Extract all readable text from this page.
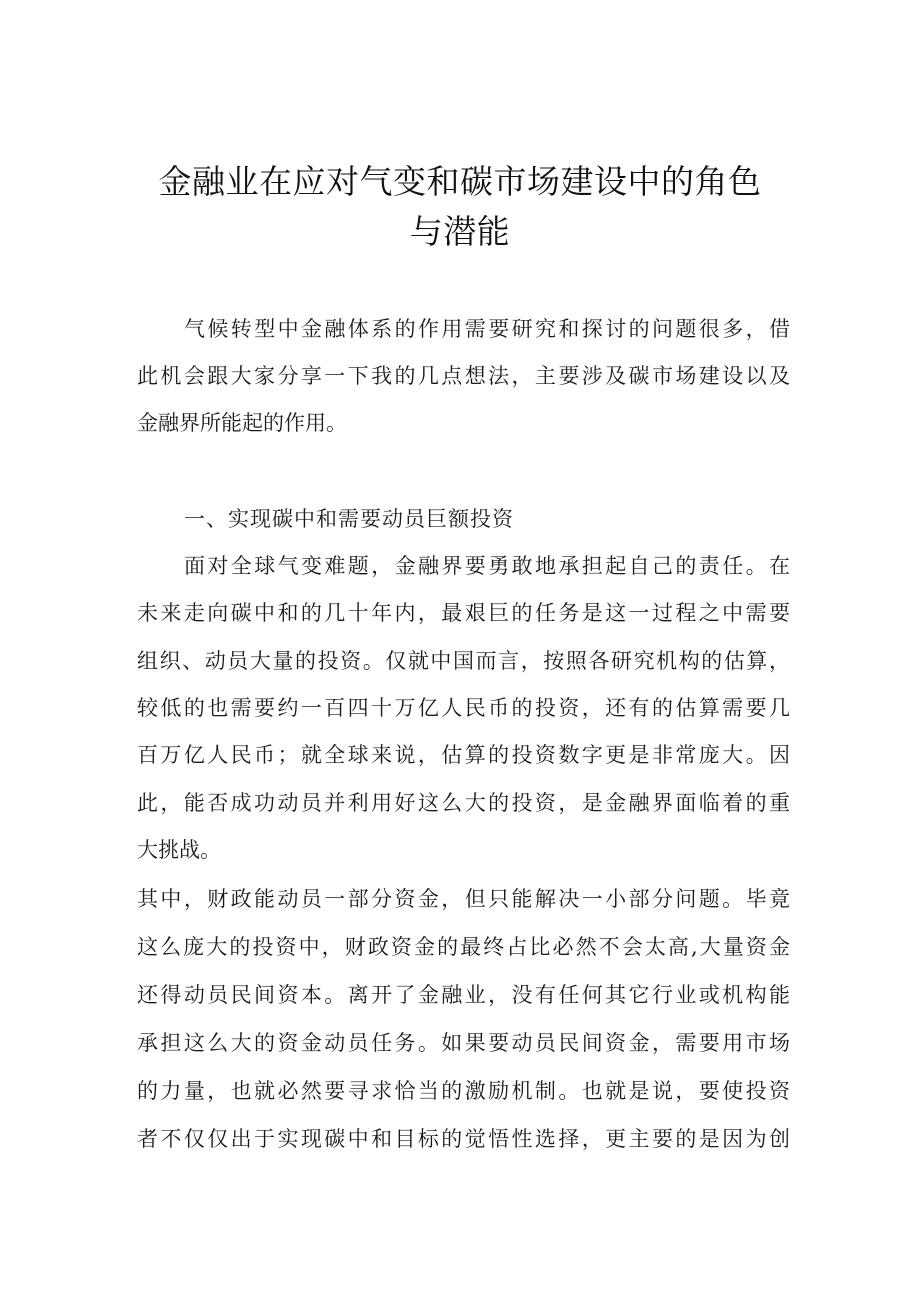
金融业在应对气变和碳市场建设中的角色
与潜能
气候转型中金融体系的作用需要研究和探讨的问题很多，借
此机会跟大家分享一下我的几点想法，主要涉及碳市场建设以及
金融界所能起的作用。
一、实现碳中和需要动员巨额投资
面对全球气变难题，金融界要勇敢地承担起自己的责任。在
未来走向碳中和的几十年内，最艰巨的任务是这一过程之中需要
组织、动员大量的投资。仅就中国而言，按照各研究机构的估算，
较低的也需要约一百四十万亿人民币的投资，还有的估算需要几
百万亿人民币；就全球来说，估算的投资数字更是非常庞大。因
此，能否成功动员并利用好这么大的投资，是金融界面临着的重
大挑战。
其中，财政能动员一部分资金，但只能解决一小部分问题。毕竟
这么庞大的投资中，财政资金的最终占比必然不会太高,大量资金
还得动员民间资本。离开了金融业，没有任何其它行业或机构能
承担这么大的资金动员任务。如果要动员民间资金，需要用市场
的力量，也就必然要寻求恰当的激励机制。也就是说，要使投资
者不仅仅出于实现碳中和目标的觉悟性选择，更主要的是因为创
